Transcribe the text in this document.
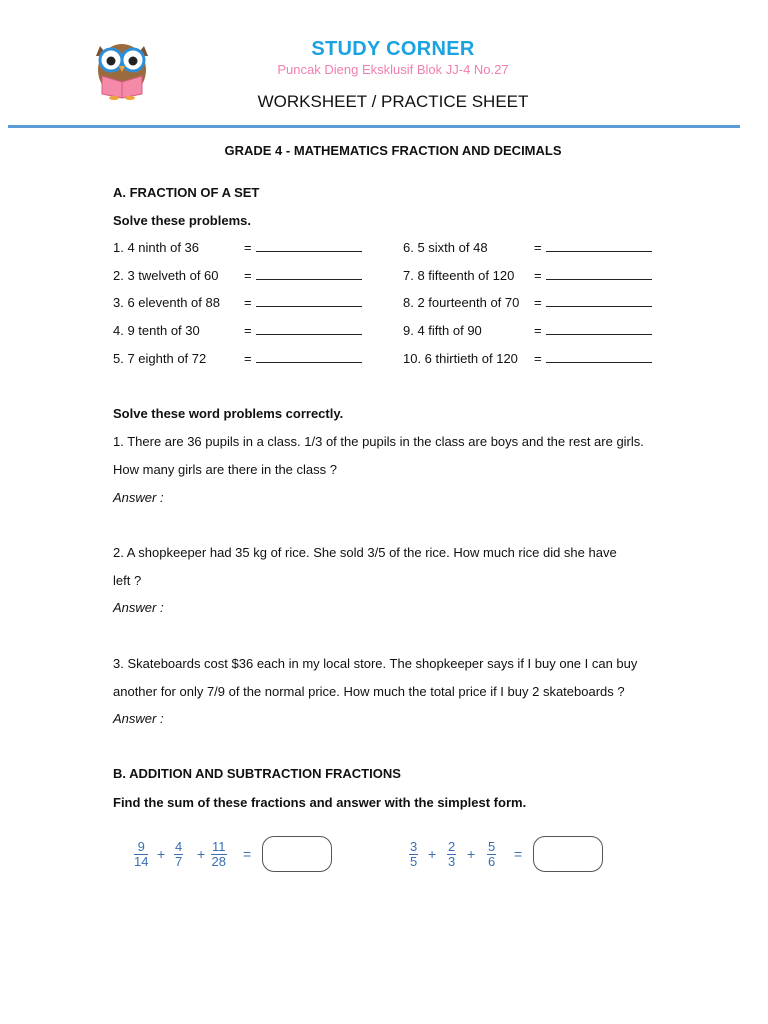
STUDY CORNER
Puncak Dieng Eksklusif Blok JJ-4 No.27
WORKSHEET / PRACTICE SHEET
GRADE 4 - MATHEMATICS FRACTION AND DECIMALS
A. FRACTION OF A SET
Solve these problems.
1. 4 ninth of 36	=
2. 3 twelveth of 60 =
3. 6 eleventh of 88 =
4. 9 tenth of 30	=
5. 7 eighth of 72	=
6. 5 sixth of 48	=
7. 8 fifteenth of 120 =
8. 2 fourteenth of 70 =
9. 4 fifth of 90	=
10. 6 thirtieth of 120 =
Solve these word problems correctly.
1. There are 36 pupils in a class. 1/3 of the pupils in the class are boys and the rest are girls.
How many girls are there in the class ?
Answer :
2. A shopkeeper had 35 kg of rice. She sold 3/5 of the rice. How much rice did she have
left ?
Answer :
3. Skateboards cost $36 each in my local store. The shopkeeper says if I buy one I can buy
another for only 7/9 of the normal price. How much the total price if I buy 2 skateboards ?
Answer :
B. ADDITION AND SUBTRACTION FRACTIONS
Find the sum of these fractions and answer with the simplest form.
$\frac{9}{14} + \frac{4}{7} + \frac{11}{28}$ =	$\frac{3}{5} + \frac{2}{3} + \frac{5}{6}$ =
